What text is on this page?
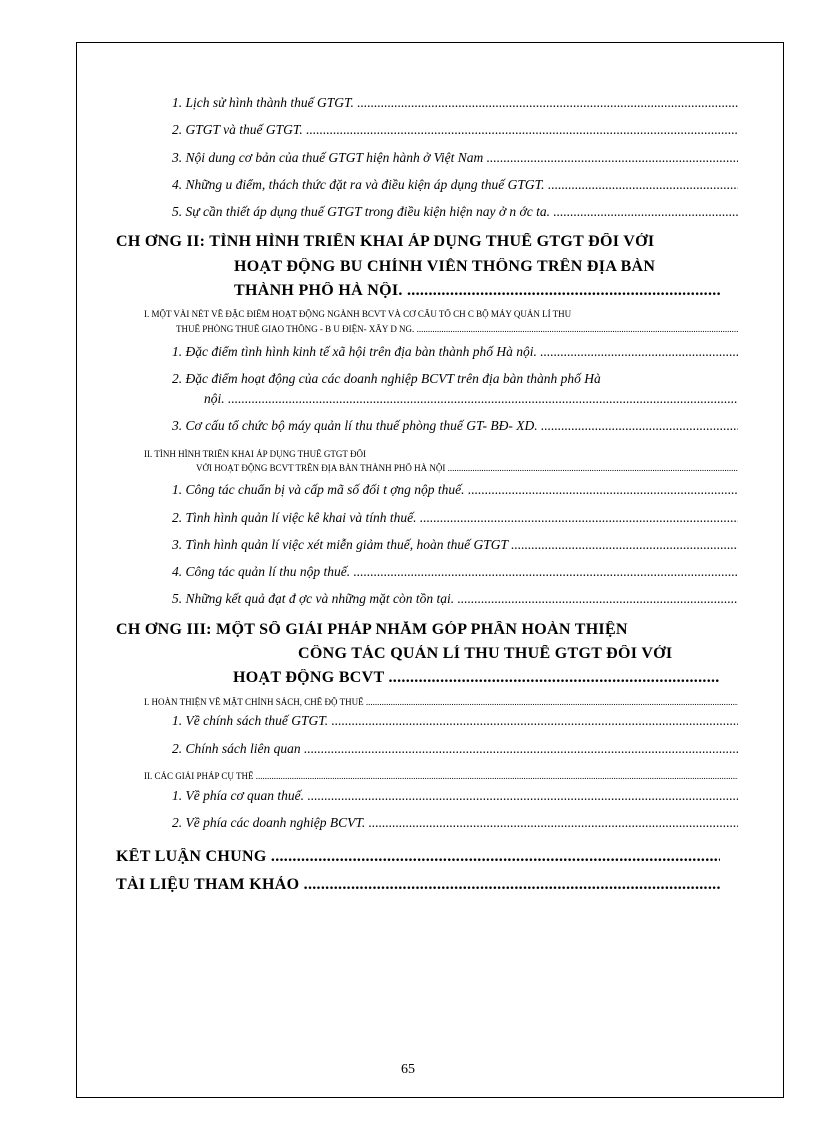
1. Lịch sử hình thành thuế GTGT. .....
2. GTGT và thuế GTGT. .....
3. Nội dung cơ bản của thuế GTGT hiện hành ở Việt Nam .....
4. Những u điểm, thách thức đặt ra và điều kiện áp dụng thuế GTGT. .....
5. Sự cần thiết áp dụng thuế GTGT trong điều kiện hiện nay ở n ớc ta. .....
CH ƠNG II: TÌNH HÌNH TRIỂN KHAI ÁP DỤNG THUẾ GTGT ĐỐI VỚI
HOẠT ĐỘNG BU CHÍNH VIỄN THÔNG TRÊN ĐỊA BÀN
THÀNH PHỐ HÀ NỘI. .....
I. MỘT VÀI NÉT VỀ ĐẶC ĐIỂM HOẠT ĐỘNG NGÀNH BCVT VÀ CƠ CẤU TỔ CH C BỘ MÁY QUẢN LÍ THU
THUẾ PHÒNG THUẾ GIAO THÔNG - B U ĐIỆN- XÂY D NG. .....
1. Đặc điểm tình hình kinh tế xã hội trên địa bàn thành phố Hà nội. .....
2. Đặc điểm hoạt động của các doanh nghiệp BCVT trên địa bàn thành phố Hà
nội. .....
3. Cơ cấu tổ chức bộ máy quản lí thu thuế phòng thuế GT- BĐ- XD. .....
II. TÌNH HÌNH TRIỂN KHAI ÁP DỤNG THUẾ GTGT ĐỐI
VỚI HOẠT ĐỘNG BCVT TRÊN ĐỊA BÀN THÀNH PHỐ HÀ NỘI .....
1. Công tác chuẩn bị và cấp mã số đối t ợng nộp thuế. .....
2. Tình hình quản lí việc kê khai và tính thuế. .....
3. Tình hình quản lí việc xét miễn giảm thuế, hoàn thuế GTGT .....
4. Công tác quản lí thu nộp thuế. .....
5. Những kết quả đạt đ ợc và những mặt còn tồn tại. .....
CH ƠNG III: MỘT SỐ GIẢI PHÁP NHẰM GÓP PHẦN HOÀN THIỆN
CÔNG TÁC QUẢN LÍ THU THUẾ GTGT ĐỐI VỚI
HOẠT ĐỘNG BCVT .....
I. HOÀN THIỆN VỀ MẶT CHÍNH SÁCH, CHẾ ĐỘ THUẾ .....
1. Về chính sách thuế GTGT. .....
2. Chính sách liên quan .....
II. CÁC GIẢI PHÁP CỤ THỂ .....
1. Về phía cơ quan thuế. .....
2. Về phía các doanh nghiệp BCVT. .....
KẾT LUẬN CHUNG .....
TÀI LIỆU THAM KHẢO .....
65
